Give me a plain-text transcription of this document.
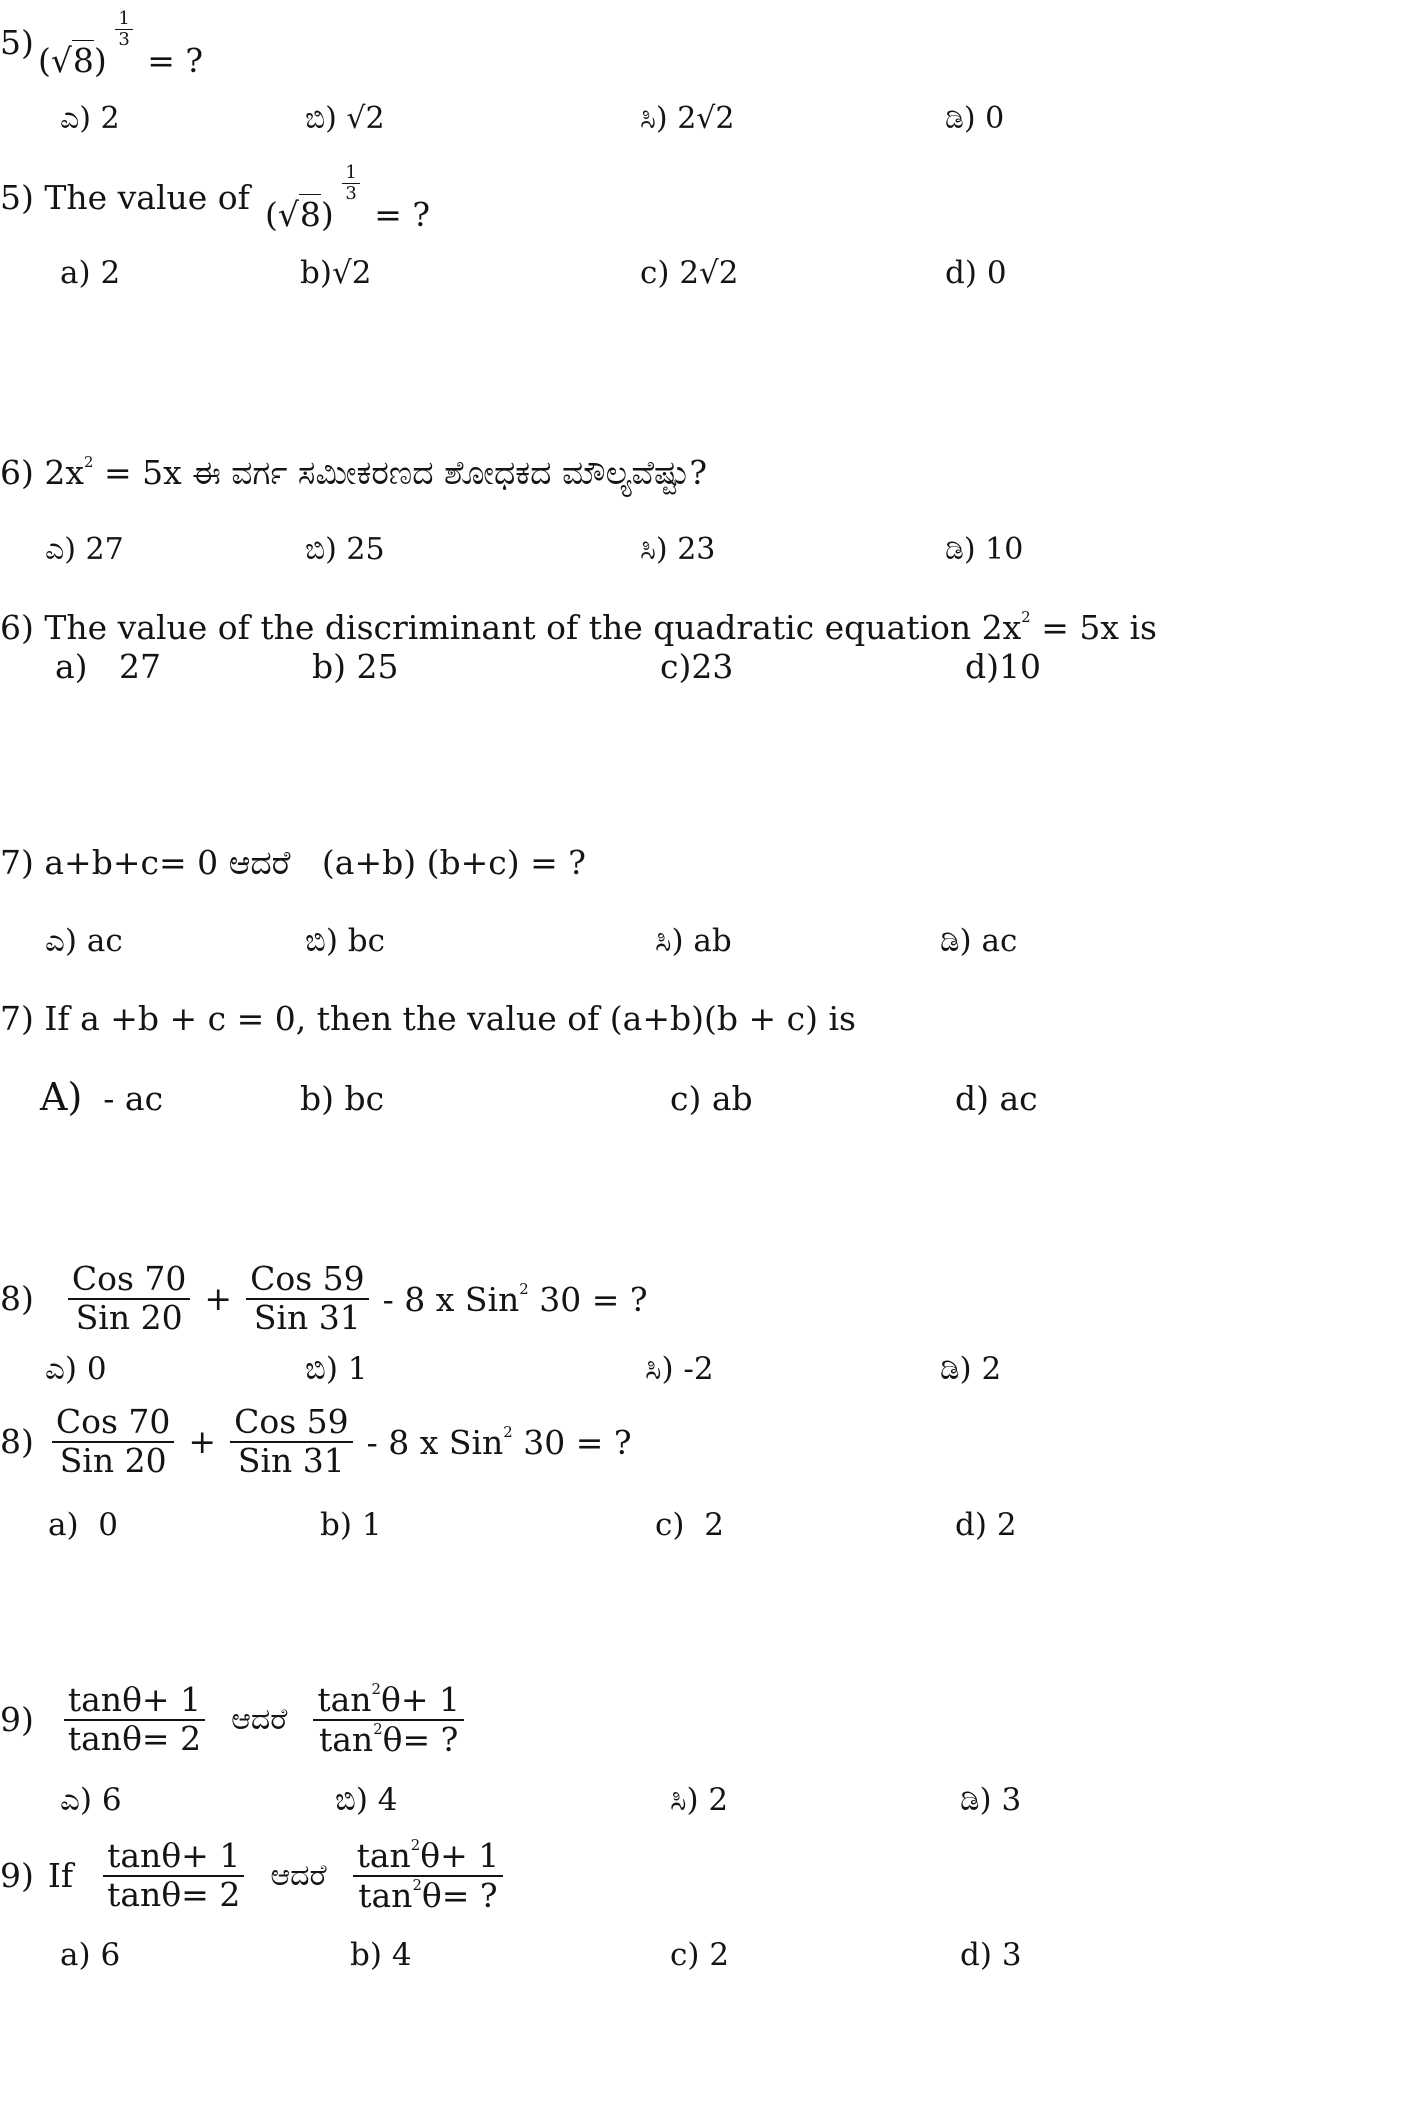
5) (√8)
$\frac{1}{3}$
= ?
ಎ) 2	ಬಿ) √2	ಸಿ) 2√2	ಡಿ) 0
5) The value of (√8)
$\frac{1}{3}$
= ?
a) 2	b)√2	c) 2√2	d) 0
6) $2x^2 = 5x$ ಈ ವರ್ಗ ಸಮೀಕರಣದ ಶೋಧಕದ ಮೌಲ್ಯವೆಷ್ಟು?
ಎ) 27	ಬಿ) 25	ಸಿ) 23	ಡಿ) 10
6) The value of the discriminant of the quadratic equation $2x^2 = 5x$ is
a) 27	b) 25	c)23	d)10
7) a+b+c= 0 ಆದರೆ   (a+b) (b+c) = ?
ಎ) ac	ಬಿ) bc	ಸಿ) ab	ಡಿ) ac
7) If a +b + c = 0, then the value of (a+b)(b + c) is
A) - ac	b) bc	c) ab	d) ac
$8) \frac{\text{Cos 70}}{\text{Sin 20}} + \frac{\text{Cos 59}}{\text{Sin 31}} - 8$ x Sin$^2$ 30 = ?
ಎ) 0	ಬಿ) 1	ಸಿ) -2	ಡಿ) 2
$8) \frac{\text{Cos 70}}{\text{Sin 20}} + \frac{\text{Cos 59}}{\text{Sin 31}} - 8$ x Sin$^2$ 30 = ?
a) 0	b) 1	c) 2	d) 2
$9) \frac{\tan\theta+ 1}{\tan\theta= 2}$ ಆದರೆ $\frac{\tan^2\theta+ 1}{\tan^2\theta= ?}$
ಎ) 6	ಬಿ) 4	ಸಿ) 2	ಡಿ) 3
9) If $\frac{\tan\theta+ 1}{\tan\theta= 2}$ ಆದರೆ $\frac{\tan^2\theta+ 1}{\tan^2\theta= ?}$
a) 6	b) 4	c) 2	d) 3
